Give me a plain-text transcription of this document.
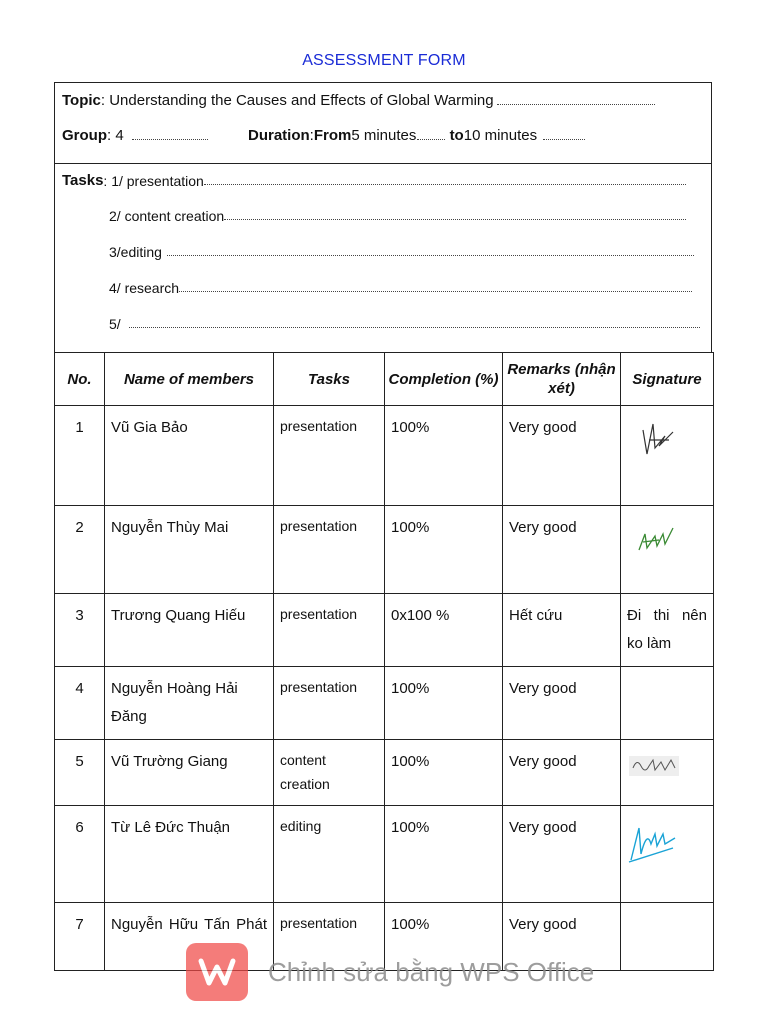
ASSESSMENT FORM
Topic : Understanding the Causes and Effects of Global Warming
Group : 4	Duration : From 5 minutes
to 10 minutes
Tasks : 1/ presentation
2/ content creation
3/editing
4/ research
5/
No.	Name of members	Tasks	Completion (%)	Remarks (nhận xét)	Signature
1	Vũ Gia Bảo	presentation	100%	Very good	
2	Nguyễn Thùy Mai	presentation	100%	Very good	
3	Trương Quang Hiếu	presentation	0x100 %	Hết cứu	Đi thi nên ko làm
4	Nguyễn Hoàng Hải Đăng	presentation	100%	Very good	
5	Vũ Trường Giang	content creation	100%	Very good	
6	Từ Lê Đức Thuận	editing	100%	Very good	
7	Nguyễn Hữu Tấn Phát	presentation	100%	Very good	
Chỉnh sửa bằng WPS Office
